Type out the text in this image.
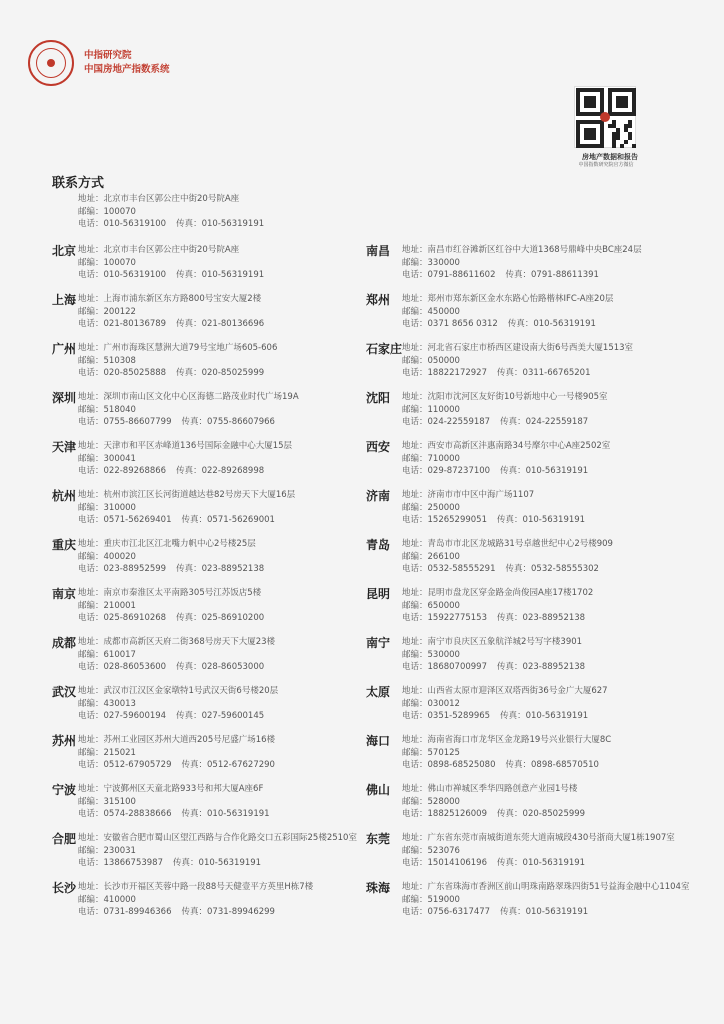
中指研究院
中国房地产指数系统
房地产数据和报告
中国指数研究院官方微信
联系方式
地址：北京市丰台区郭公庄中街20号院A座
邮编：100070
电话：010-56319100 传真：010-56319191
北京 地址：北京市丰台区郭公庄中街20号院A座
邮编：100070
电话：010-56319100 传真：010-56319191
上海 地址：上海市浦东新区东方路800号宝安大厦2楼
邮编：200122
电话：021-80136789 传真：021-80136696
广州 地址：广州市海珠区慧洲大道79号宝地广场605-606
邮编：510308
电话：020-85025888 传真：020-85025999
深圳 地址：深圳市南山区文化中心区海德二路茂业时代广场19A
邮编：518040
电话：0755-86607799 传真：0755-86607966
天津 地址：天津市和平区赤峰道136号国际金融中心大厦15层
邮编：300041
电话：022-89268866 传真：022-89268998
杭州 地址：杭州市滨江区长河街道越达巷82号房天下大厦16层
邮编：310000
电话：0571-56269401 传真：0571-56269001
重庆 地址：重庆市江北区江北嘴力帆中心2号楼25层
邮编：400020
电话：023-88952599 传真：023-88952138
南京 地址：南京市秦淮区太平南路305号江苏饭店5楼
邮编：210001
电话：025-86910268 传真：025-86910200
成都 地址：成都市高新区天府二街368号房天下大厦23楼
邮编：610017
电话：028-86053600 传真：028-86053000
武汉 地址：武汉市江汉区金家墩特1号武汉天街6号楼20层
邮编：430013
电话：027-59600194 传真：027-59600145
苏州 地址：苏州工业园区苏州大道西205号尼盛广场16楼
邮编：215021
电话：0512-67905729 传真：0512-67627290
宁波 地址：宁波鄞州区天童北路933号和邦大厦A座6F
邮编：315100
电话：0574-28838666 传真：010-56319191
合肥 地址：安徽省合肥市蜀山区望江西路与合作化路交口五彩国际25楼2510室
邮编：230031
电话：13866753987 传真：010-56319191
长沙 地址：长沙市开福区芙蓉中路一段88号天健壹平方英里H栋7楼
邮编：410000
电话：0731-89946366 传真：0731-89946299
南昌 地址：南昌市红谷滩新区红谷中大道1368号鼎峰中央BC座24层
邮编：330000
电话：0791-88611602 传真：0791-88611391
郑州 地址：郑州市郑东新区金水东路心怡路楷林IFC-A座20层
邮编：450000
电话：0371 8656 0312 传真：010-56319191
石家庄 地址：河北省石家庄市桥西区建设南大街6号西美大厦1513室
邮编：050000
电话：18822172927 传真：0311-66765201
沈阳 地址：沈阳市沈河区友好街10号新地中心一号楼905室
邮编：110000
电话：024-22559187 传真：024-22559187
西安 地址：西安市高新区沣惠南路34号摩尔中心A座2502室
邮编：710000
电话：029-87237100 传真：010-56319191
济南 地址：济南市市中区中海广场1107
邮编：250000
电话：15265299051 传真：010-56319191
青岛 地址：青岛市市北区龙城路31号卓越世纪中心2号楼909
邮编：266100
电话：0532-58555291 传真：0532-58555302
昆明 地址：昆明市盘龙区穿金路金尚俊园A座17楼1702
邮编：650000
电话：15922775153 传真：023-88952138
南宁 地址：南宁市良庆区五象航洋城2号写字楼3901
邮编：530000
电话：18680700997 传真：023-88952138
太原 地址：山西省太原市迎泽区双塔西街36号金广大厦627
邮编：030012
电话：0351-5289965 传真：010-56319191
海口 地址：海南省海口市龙华区金龙路19号兴业银行大厦8C
邮编：570125
电话：0898-68525080 传真：0898-68570510
佛山 地址：佛山市禅城区季华四路创意产业园1号楼
邮编：528000
电话：18825126009 传真：020-85025999
东莞 地址：广东省东莞市南城街道东莞大道南城段430号浙商大厦1栋1907室
邮编：523076
电话：15014106196 传真：010-56319191
珠海 地址：广东省珠海市香洲区前山明珠南路翠珠四街51号益海金融中心1104室
邮编：519000
电话：0756-6317477 传真：010-56319191
